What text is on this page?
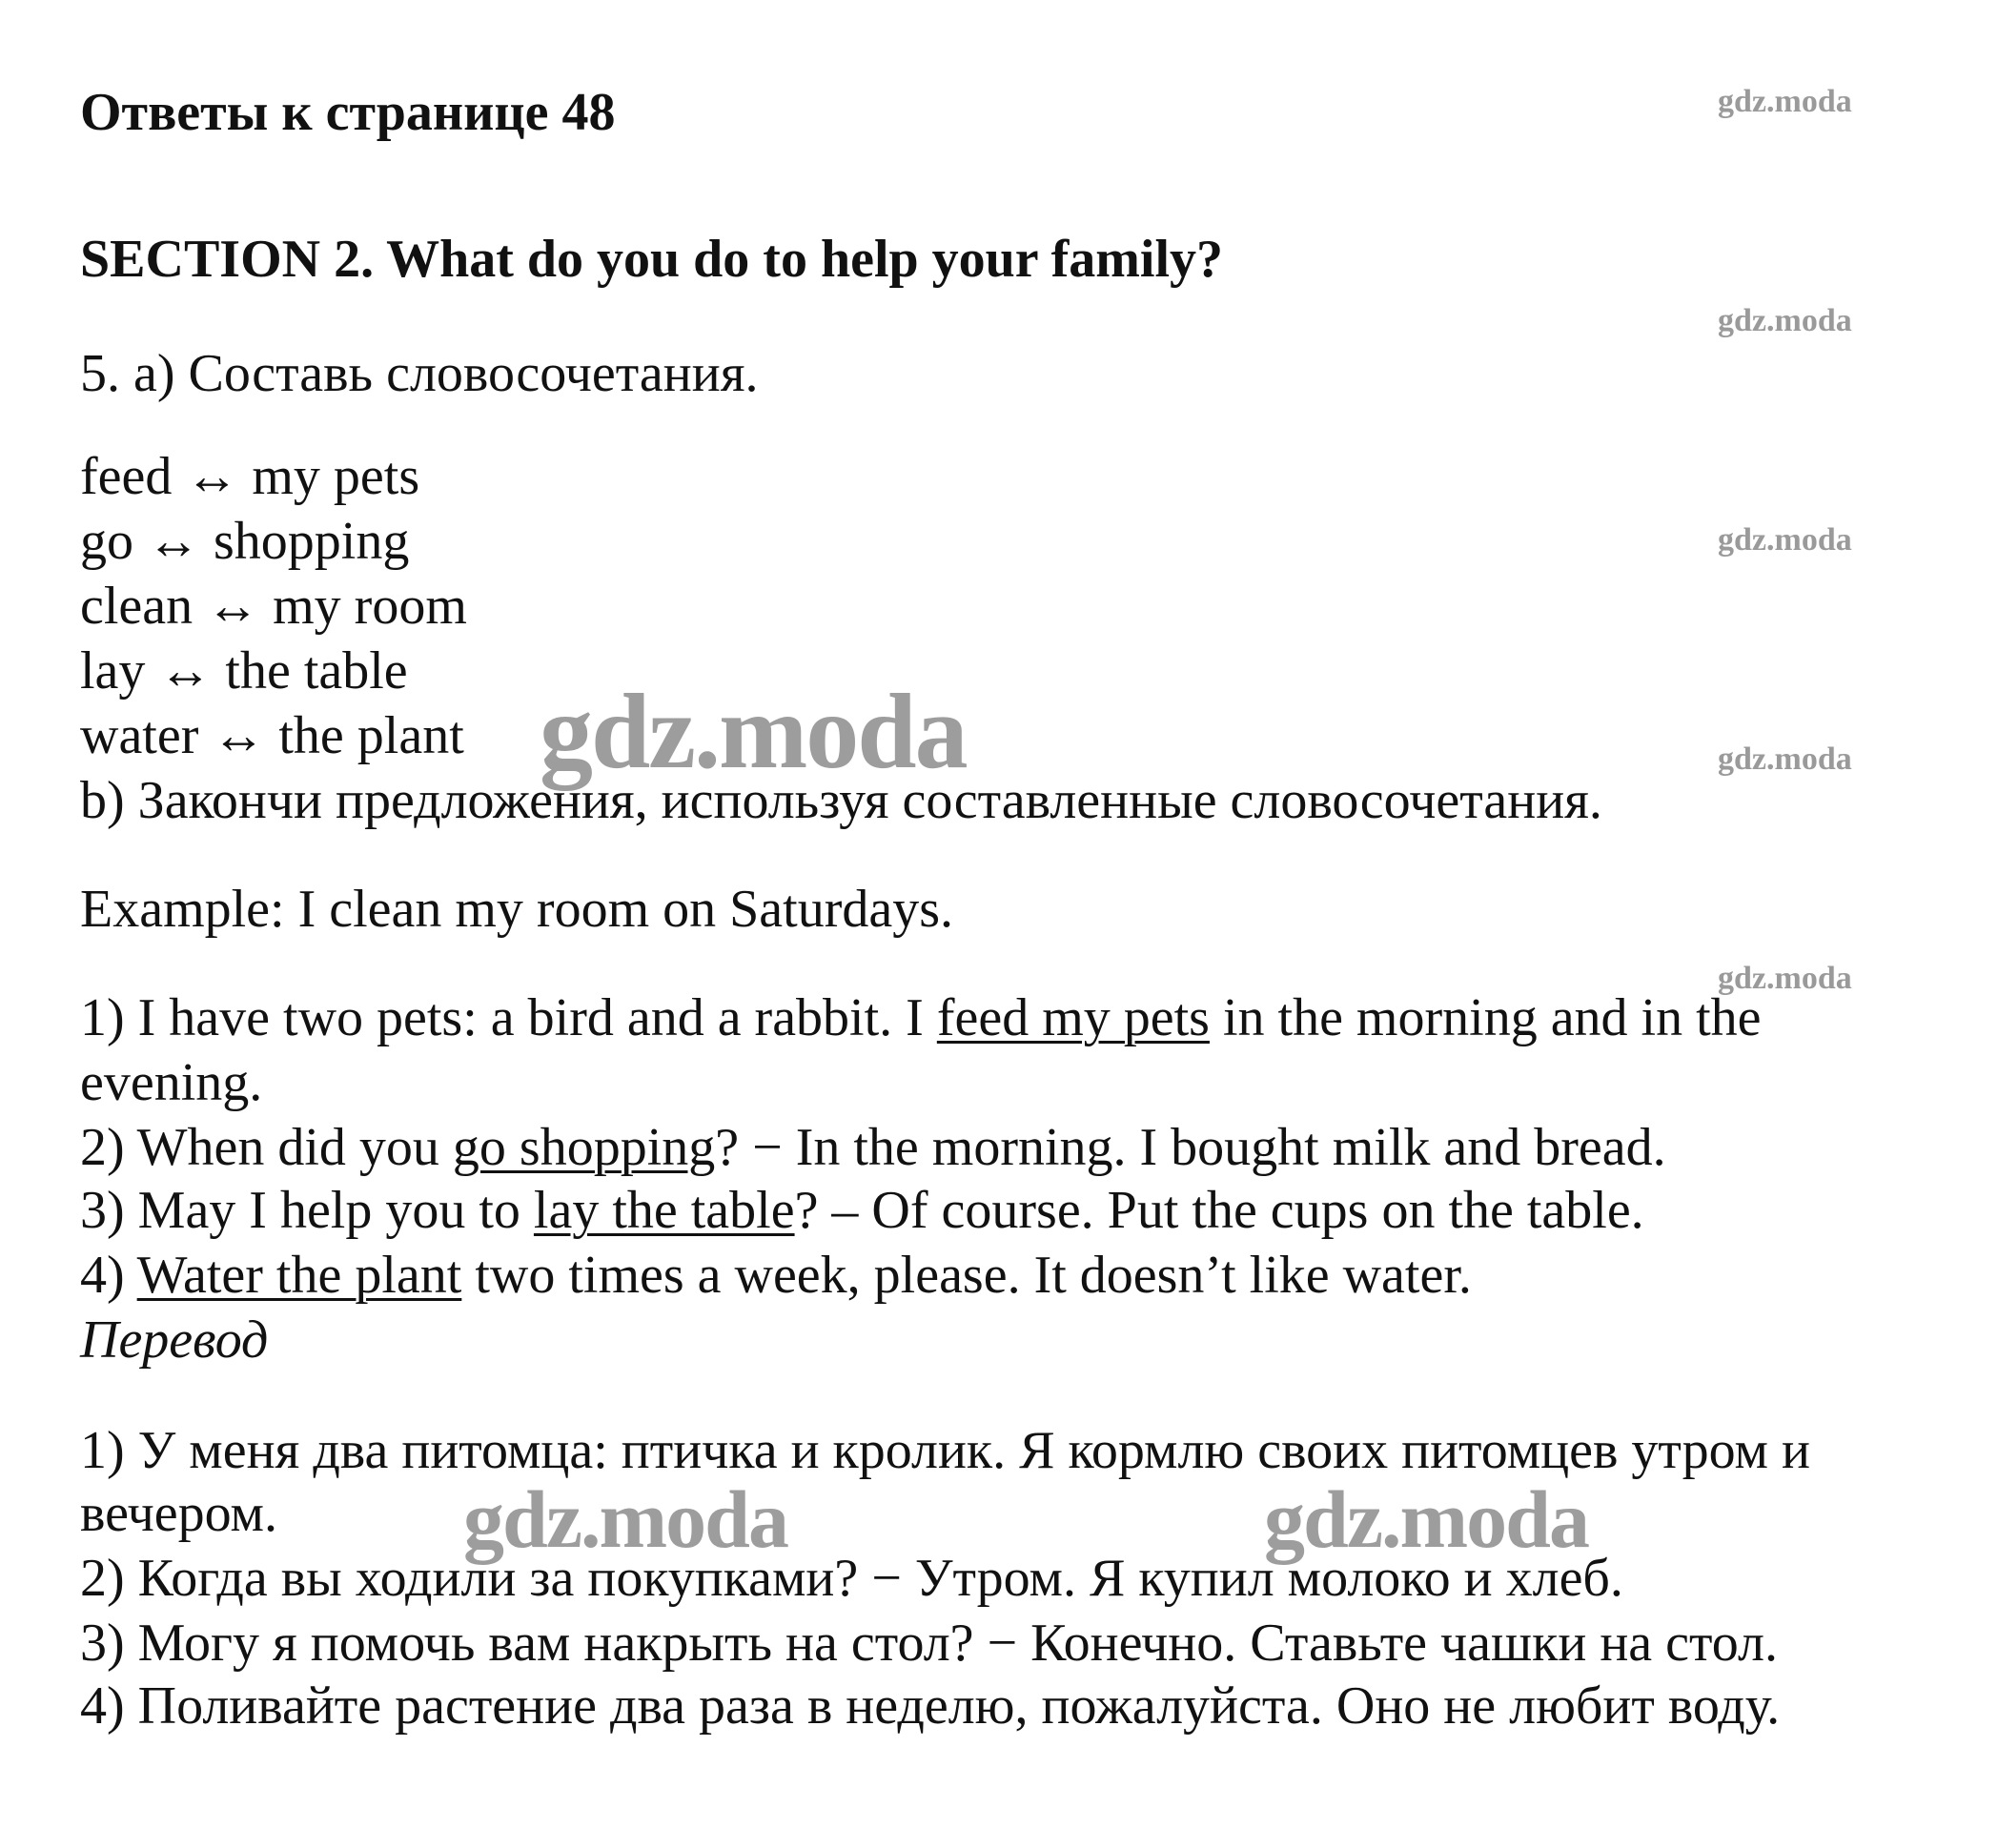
Ответы к странице 48
SECTION 2. What do you do to help your family?
5. а) Составь словосочетания.
feed ↔ my pets
go ↔ shopping
clean ↔ my room
lay ↔ the table
water ↔ the plant
b) Закончи предложения, используя составленные словосочетания.
Example: I clean my room on Saturdays.
1) I have two pets: a bird and a rabbit. I feed my pets in the morning and in the
evening.
2) When did you go shopping? − In the morning. I bought milk and bread.
3) May I help you to lay the table? – Of course. Put the cups on the table.
4) Water the plant two times a week, please. It doesn’t like water.
Перевод
1) У меня два питомца: птичка и кролик. Я кормлю своих питомцев утром и
вечером.
2) Когда вы ходили за покупками? − Утром. Я купил молоко и хлеб.
3) Могу я помочь вам накрыть на стол? − Конечно. Ставьте чашки на стол.
4) Поливайте растение два раза в неделю, пожалуйста. Оно не любит воду.
gdz.moda
gdz.moda
gdz.moda
gdz.moda
gdz.moda
gdz.moda
gdz.moda	gdz.moda
